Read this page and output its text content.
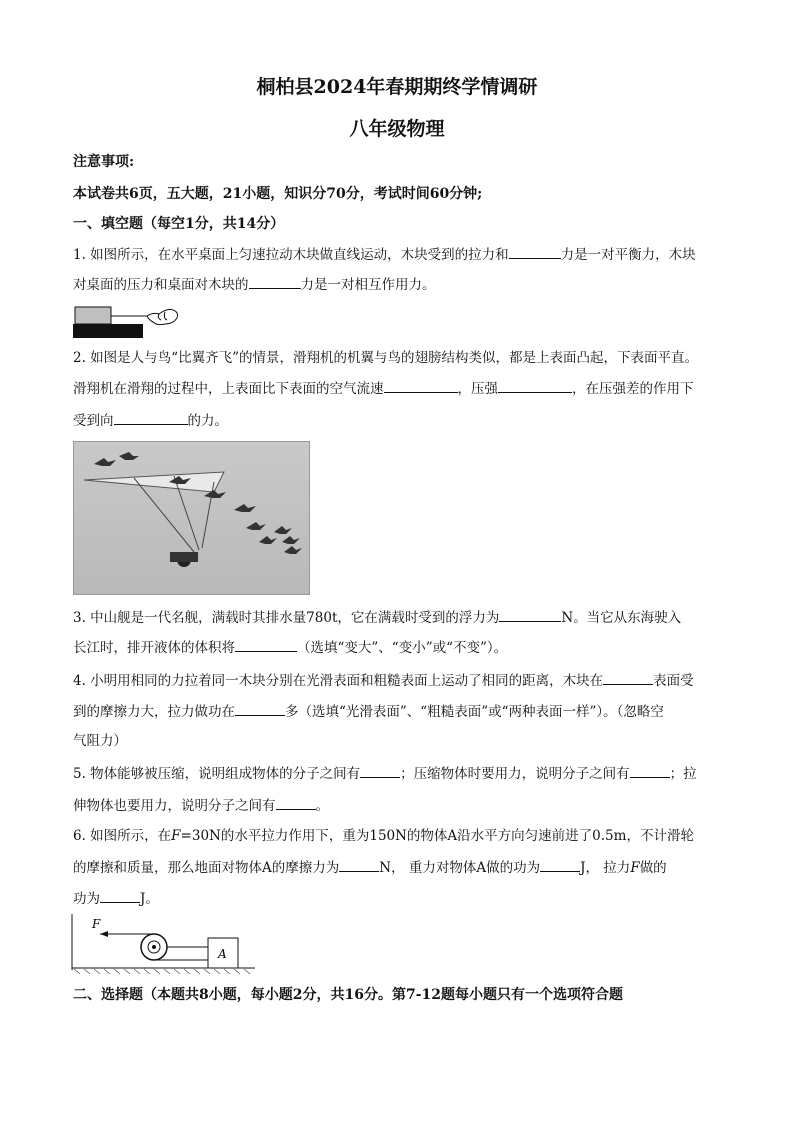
桐柏县2024年春期期终学情调研
八年级物理
注意事项:
本试卷共6页，五大题，21小题，知识分70分，考试时间60分钟;
一、填空题（每空1分，共14分）
1. 如图所示，在水平桌面上匀速拉动木块做直线运动，木块受到的拉力和	力是一对平衡力，木块
对桌面的压力和桌面对木块的	力是一对相互作用力。
2. 如图是人与鸟“比翼齐飞”的情景，滑翔机的机翼与鸟的翅膀结构类似，都是上表面凸起，下表面平直。
滑翔机在滑翔的过程中，上表面比下表面的空气流速	，压强	，在压强差的作用下
受到向	的力。
3. 中山舰是一代名舰，满载时其排水量780t，它在满载时受到的浮力为	N。当它从东海驶入
长江时，排开液体的体积将	（选填“变大”、“变小”或“不变”）。
4. 小明用相同的力拉着同一木块分别在光滑表面和粗糙表面上运动了相同的距离，木块在	表面受
到的摩擦力大，拉力做功在	多（选填“光滑表面”、“粗糙表面”或“两种表面一样”）。（忽略空
气阻力）
5. 物体能够被压缩，说明组成物体的分子之间有	；压缩物体时要用力，说明分子之间有	；拉
伸物体也要用力，说明分子之间有	。
6. 如图所示，在F=30N的水平拉力作用下，重为150N的物体A沿水平方向匀速前进了0.5m，不计滑轮
的摩擦和质量，那么地面对物体A的摩擦力为	N， 重力对物体A做的功为	J， 拉力F做的
功为	J。
F
A
二、选择题（本题共8小题，每小题2分，共16分。第7-12题每小题只有一个选项符合题
